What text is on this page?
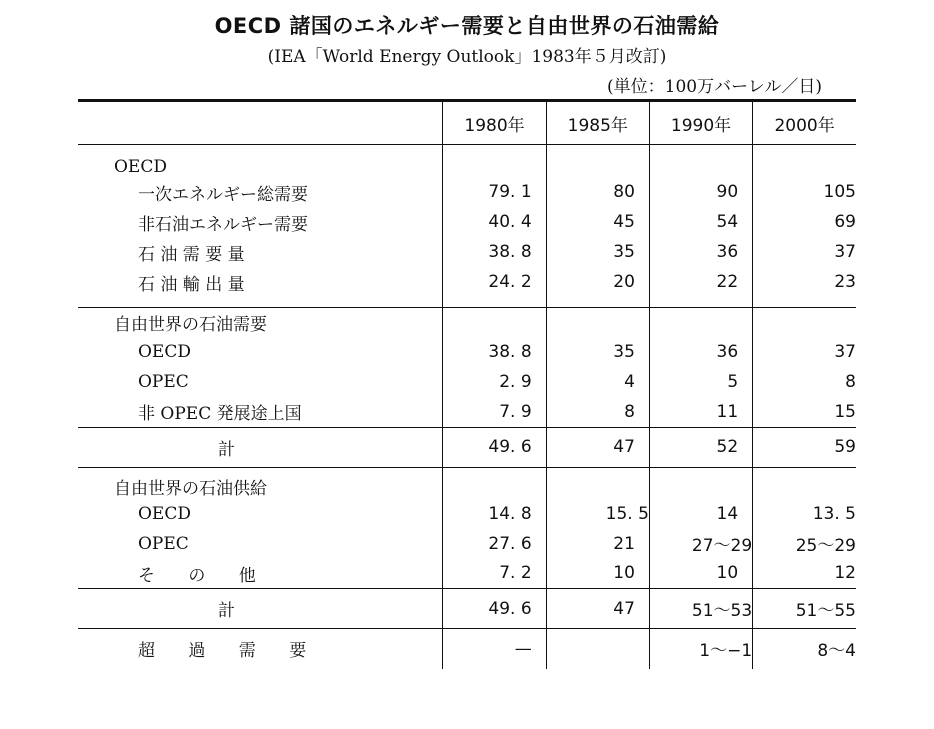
OECD 諸国のエネルギー需要と自由世界の石油需給
(IEA「World Energy Outlook」1983年５月改訂)
(単位：100万バーレル／日)
	1980年	1985年	1990年	2000年
OECD				
一次エネルギー総需要	79. 1	80	90	105
非石油エネルギー需要	40. 4	45	54	69
石 油 需 要 量	38. 8	35	36	37
石 油 輸 出 量	24. 2	20	22	23

自由世界の石油需要				
OECD	38. 8	35	36	37
OPEC	2. 9	4	5	8
非 OPEC 発展途上国	7. 9	8	11	15
計	49. 6	47	52	59
自由世界の石油供給				
OECD	14. 8	15. 5	14	13. 5
OPEC	27. 6	21	27〜29	25〜29
そ の 他	7. 2	10	10	12
計	49. 6	47	51〜53	51〜55
超 過 需 要	—		1〜−1	8〜4
